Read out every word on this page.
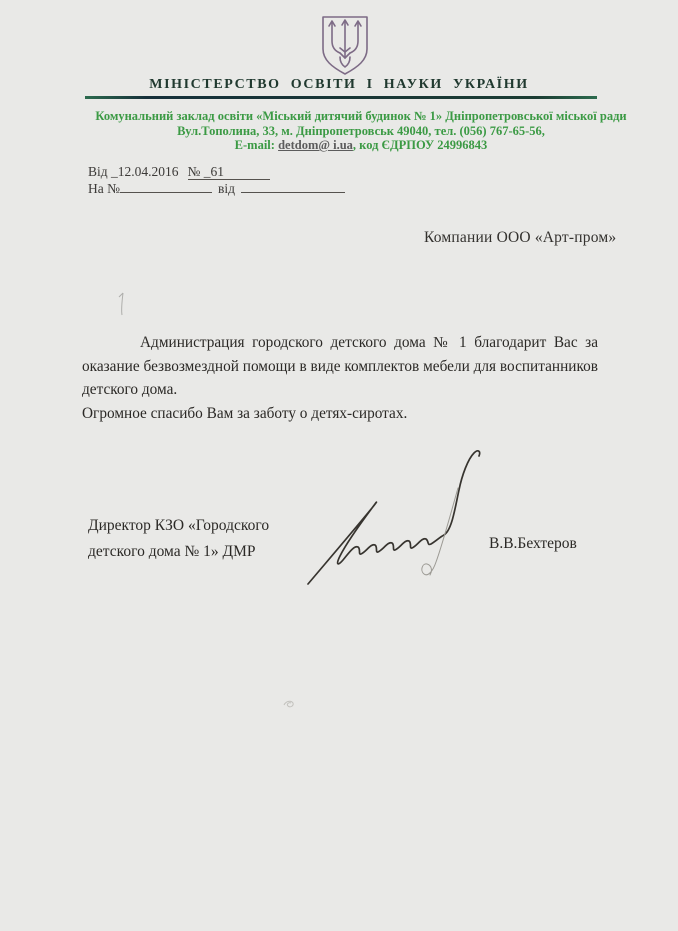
МІНІСТЕРСТВО ОСВІТИ І НАУКИ УКРАЇНИ
Комунальний заклад освіти «Міський дитячий будинок № 1» Дніпропетровської міської ради
Вул.Тополина, 33, м. Дніпропетровськ 49040, тел. (056) 767-65-56,
E-mail: detdom@ i.ua, код ЄДРПОУ 24996843
Від _12.04.2016 № _61
На №	від
Компании ООО «Арт-пром»
Администрация городского детского дома № 1 благодарит Вас за
оказание безвозмездной помощи в виде комплектов мебели для воспитанников
детского дома.
Огромное спасибо Вам за заботу о детях-сиротах.
Директор КЗО «Городского
детского дома № 1» ДМР	В.В.Бехтеров
